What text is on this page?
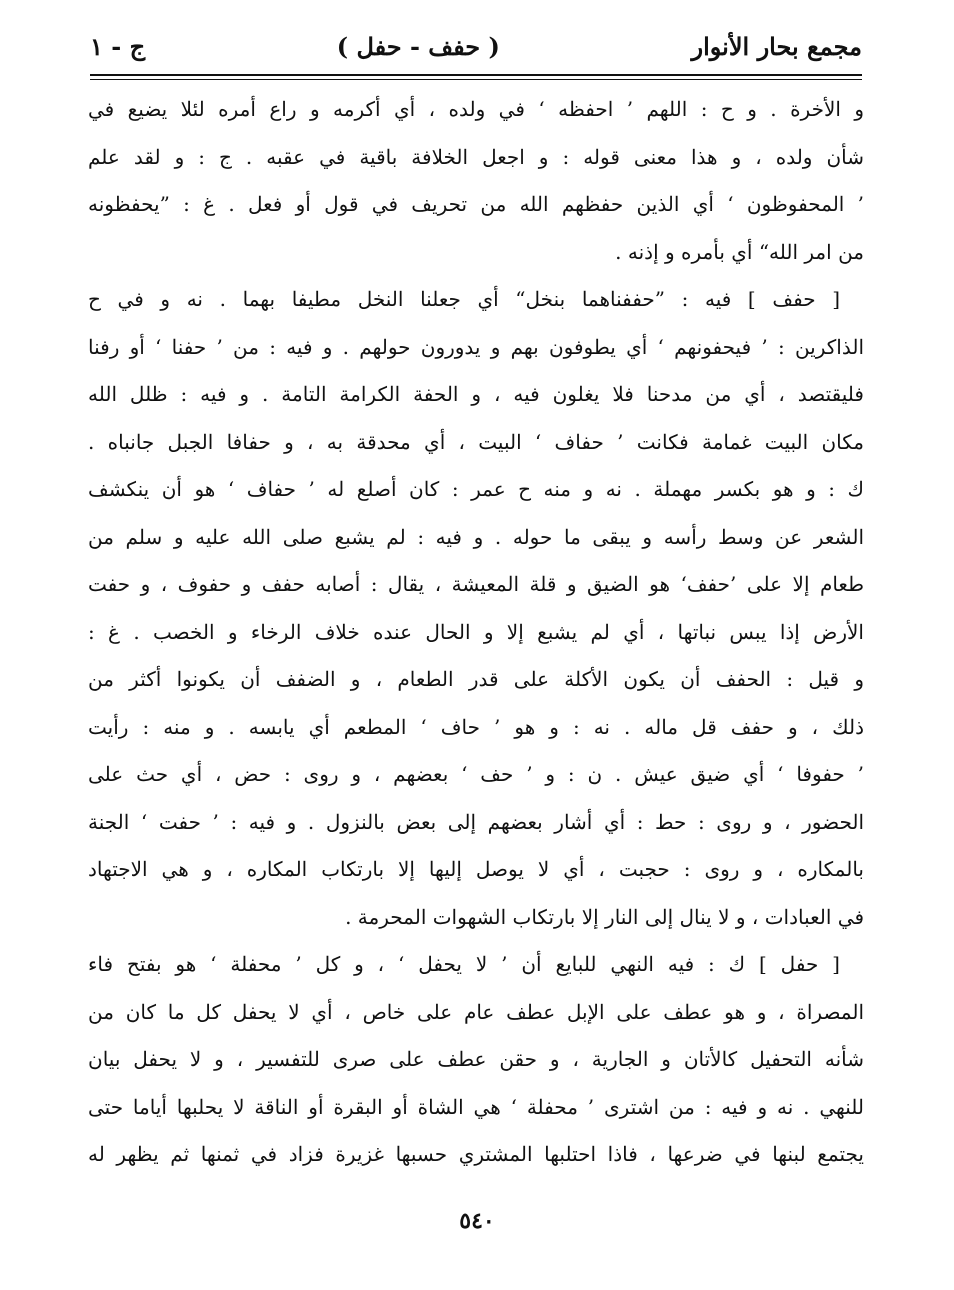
مجمع بحار الأنوار
( حفف - حفل )
ج - ١
و الأخرة . و ح : اللهم ’ احفظه ‘ في ولده ، أي أكرمه و راع أمره لئلا يضيع في
شأن ولده ، و هذا معنى قوله : و اجعل الخلافة باقية في عقبه . ج : و لقد علم
’ المحفوظون ‘ أي الذين حفظهم الله من تحريف في قول أو فعل . غ : ”يحفظونه
من امر الله“ أي بأمره و إذنه .
[ حفف ] فيه : ”حففناهما بنخل“ أي جعلنا النخل مطيفا بهما . نه و في ح
الذاكرين : ’ فيحفونهم ‘ أي يطوفون بهم و يدورون حولهم . و فيه : من ’ حفنا ‘ أو رفنا
فليقتصد ، أي من مدحنا فلا يغلون فيه ، و الحفة الكرامة التامة . و فيه : ظلل الله
مكان البيت غمامة فكانت ’ حفاف ‘ البيت ، أي محدقة به ، و حفافا الجبل جانباه .
ك : و هو بكسر مهملة . نه و منه ح عمر : كان أصلع له ’ حفاف ‘ هو أن ينكشف
الشعر عن وسط رأسه و يبقى ما حوله . و فيه : لم يشبع صلى الله عليه و سلم من
طعام إلا على ’حفف‘ هو الضيق و قلة المعيشة ، يقال : أصابه حفف و حفوف ، و حفت
الأرض إذا يبس نباتها ، أي لم يشبع إلا و الحال عنده خلاف الرخاء و الخصب . غ :
و قيل : الحفف أن يكون الأكلة على قدر الطعام ، و الضفف أن يكونوا أكثر من
ذلك ، و حفف قل ماله . نه : و هو ’ حاف ‘ المطعم أي يابسه . و منه : رأيت
’ حفوفا ‘ أي ضيق عيش . ن : و ’ حف ‘ بعضهم ، و روى : حض ، أي حث على
الحضور ، و روى : حط : أي أشار بعضهم إلى بعض بالنزول . و فيه : ’ حفت ‘ الجنة
بالمكاره ، و روى : حجبت ، أي لا يوصل إليها إلا بارتكاب المكاره ، و هي الاجتهاد
في العبادات ، و لا ينال إلى النار إلا بارتكاب الشهوات المحرمة .
[ حفل ] ك : فيه النهي للبايع أن ’ لا يحفل ‘ ، و كل ’ محفلة ‘ هو بفتح فاء
المصراة ، و هو عطف على الإبل عطف عام على خاص ، أي لا يحفل كل ما كان من
شأنه التحفيل كالأتان و الجارية ، و حقن عطف على صرى للتفسير ، و لا يحفل بيان
للنهي . نه و فيه : من اشترى ’ محفلة ‘ هي الشاة أو البقرة أو الناقة لا يحلبها أياما حتى
يجتمع لبنها في ضرعها ، فاذا احتلبها المشتري حسبها غزيرة فزاد في ثمنها ثم يظهر له
٥٤٠
